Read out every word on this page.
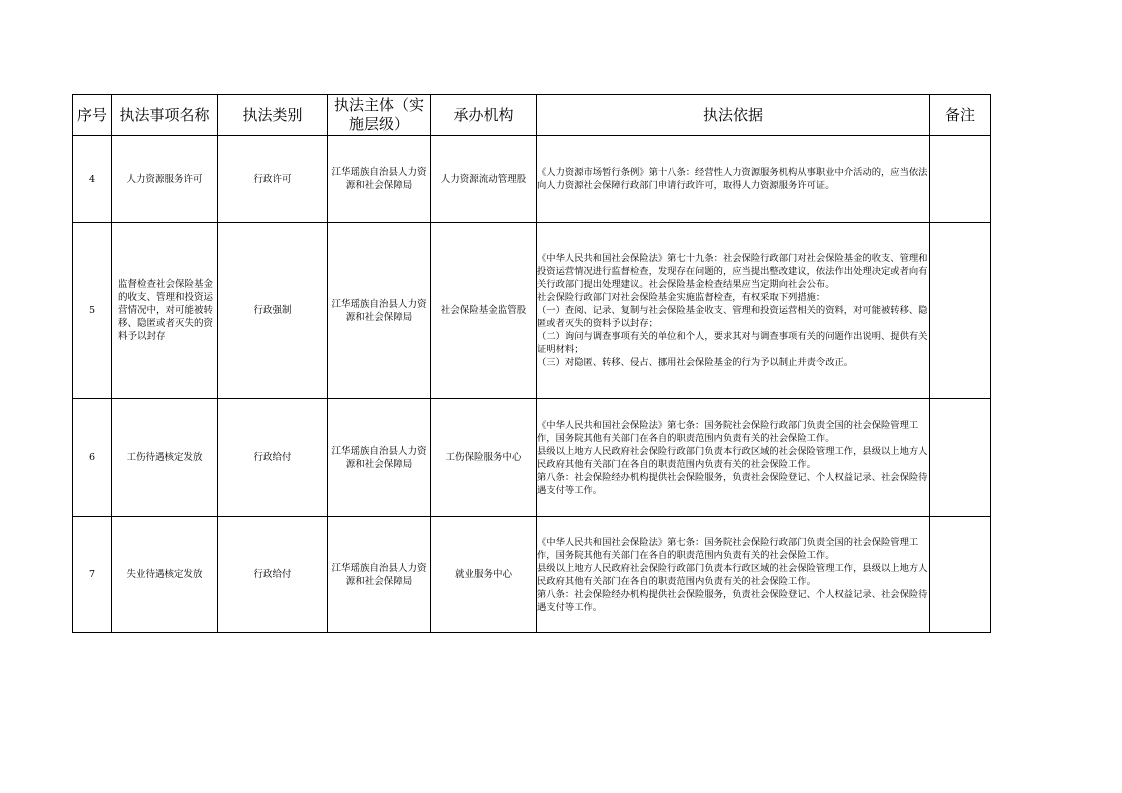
序号	执法事项名称	执法类别	执法主体（实施层级）	承办机构	执法依据	备注
4	人力资源服务许可	行政许可	江华瑶族自治县人力资源和社会保障局	人力资源流动管理股	《人力资源市场暂行条例》第十八条：经营性人力资源服务机构从事职业中介活动的，应当依法向人力资源社会保障行政部门申请行政许可，取得人力资源服务许可证。	

5	监督检查社会保险基金的收支、管理和投资运营情况中，对可能被转移、隐匿或者灭失的资料予以封存	行政强制	江华瑶族自治县人力资源和社会保障局	社会保险基金监管股	《中华人民共和国社会保险法》第七十九条：社会保险行政部门对社会保险基金的收支、管理和投资运营情况进行监督检查，发现存在问题的，应当提出整改建议，依法作出处理决定或者向有关行政部门提出处理建议。社会保险基金检查结果应当定期向社会公布。
社会保险行政部门对社会保险基金实施监督检查，有权采取下列措施：
（一）查阅、记录、复制与社会保险基金收支、管理和投资运营相关的资料，对可能被转移、隐匿或者灭失的资料予以封存；
（二）询问与调查事项有关的单位和个人，要求其对与调查事项有关的问题作出说明、提供有关证明材料；
（三）对隐匿、转移、侵占、挪用社会保险基金的行为予以制止并责令改正。	

6	工伤待遇核定发放	行政给付	江华瑶族自治县人力资源和社会保障局	工伤保险服务中心	《中华人民共和国社会保险法》第七条：国务院社会保险行政部门负责全国的社会保险管理工作，国务院其他有关部门在各自的职责范围内负责有关的社会保险工作。
县级以上地方人民政府社会保险行政部门负责本行政区域的社会保险管理工作，县级以上地方人民政府其他有关部门在各自的职责范围内负责有关的社会保险工作。
第八条：社会保险经办机构提供社会保险服务，负责社会保险登记、个人权益记录、社会保险待遇支付等工作。	

7	失业待遇核定发放	行政给付	江华瑶族自治县人力资源和社会保障局	就业服务中心	《中华人民共和国社会保险法》第七条：国务院社会保险行政部门负责全国的社会保险管理工作，国务院其他有关部门在各自的职责范围内负责有关的社会保险工作。
县级以上地方人民政府社会保险行政部门负责本行政区域的社会保险管理工作，县级以上地方人民政府其他有关部门在各自的职责范围内负责有关的社会保险工作。
第八条：社会保险经办机构提供社会保险服务，负责社会保险登记、个人权益记录、社会保险待遇支付等工作。	
